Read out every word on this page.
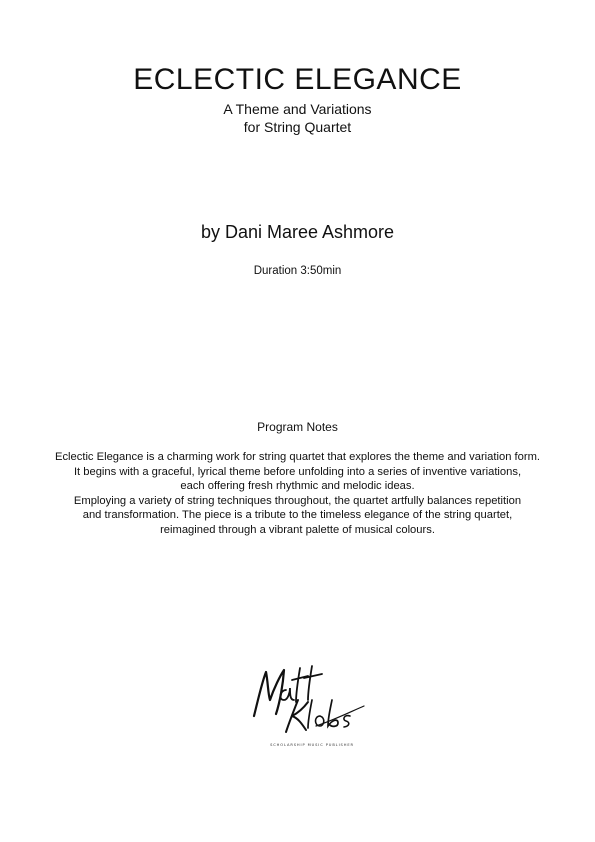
ECLECTIC ELEGANCE
A Theme and Variations
for String Quartet
by Dani Maree Ashmore
Duration 3:50min
Program Notes
Eclectic Elegance is a charming work for string quartet that explores the theme and variation form.
It begins with a graceful, lyrical theme before unfolding into a series of inventive variations,
each offering fresh rhythmic and melodic ideas.
Employing a variety of string techniques throughout, the quartet artfully balances repetition
and transformation. The piece is a tribute to the timeless elegance of the string quartet,
reimagined through a vibrant palette of musical colours.
SCHOLARSHIP MUSIC PUBLISHER
